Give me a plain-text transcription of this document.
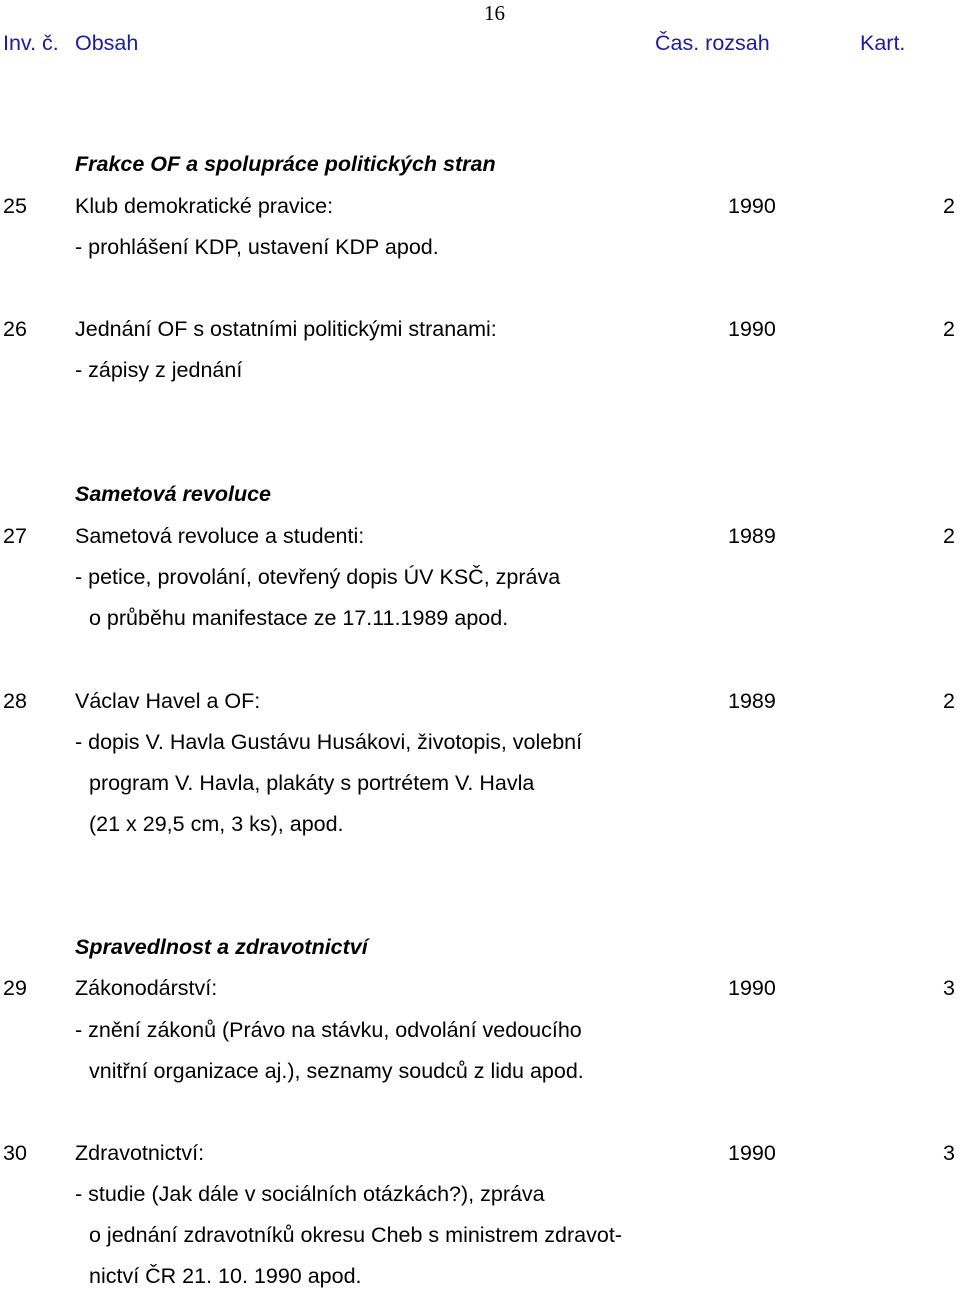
16
Inv. č. Obsah	Čas. rozsah	Kart.
Frakce OF a spolupráce politických stran
25 Klub demokratické pravice:	1990	2
- prohlášení KDP, ustavení KDP apod.
26 Jednání OF s ostatními politickými stranami:	1990	2
- zápisy z jednání
Sametová revoluce
27 Sametová revoluce a studenti:	1989	2
- petice, provolání, otevřený dopis ÚV KSČ, zpráva
o průběhu manifestace ze 17.11.1989 apod.
28 Václav Havel a OF:	1989	2
- dopis V. Havla Gustávu Husákovi, životopis, volební
program V. Havla, plakáty s portrétem V. Havla
(21 x 29,5 cm, 3 ks), apod.
Spravedlnost a zdravotnictví
29 Zákonodárství:	1990	3
- znění zákonů (Právo na stávku, odvolání vedoucího
vnitřní organizace aj.), seznamy soudců z lidu apod.
30 Zdravotnictví:	1990	3
- studie (Jak dále v sociálních otázkách?), zpráva
o jednání zdravotníků okresu Cheb s ministrem zdravot-
nictví ČR 21. 10. 1990 apod.
